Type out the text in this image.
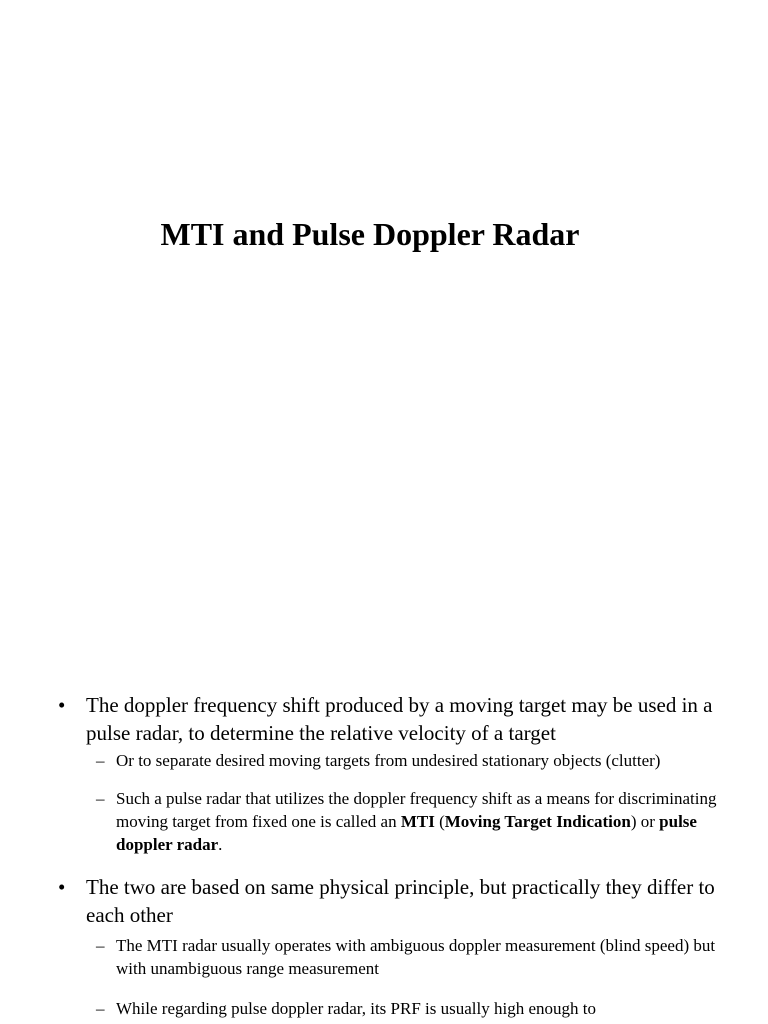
MTI and Pulse Doppler Radar
• The doppler frequency shift produced by a moving target may be used in a pulse radar, to determine the relative velocity of a target
– Or to separate desired moving targets from undesired stationary objects (clutter)
– Such a pulse radar that utilizes the doppler frequency shift as a means for discriminating moving target from fixed one is called an MTI (Moving Target Indication) or pulse doppler radar.
• The two are based on same physical principle, but practically they differ to each other
– The MTI radar usually operates with ambiguous doppler measurement (blind speed) but with unambiguous range measurement
– While regarding pulse doppler radar, its PRF is usually high enough to
